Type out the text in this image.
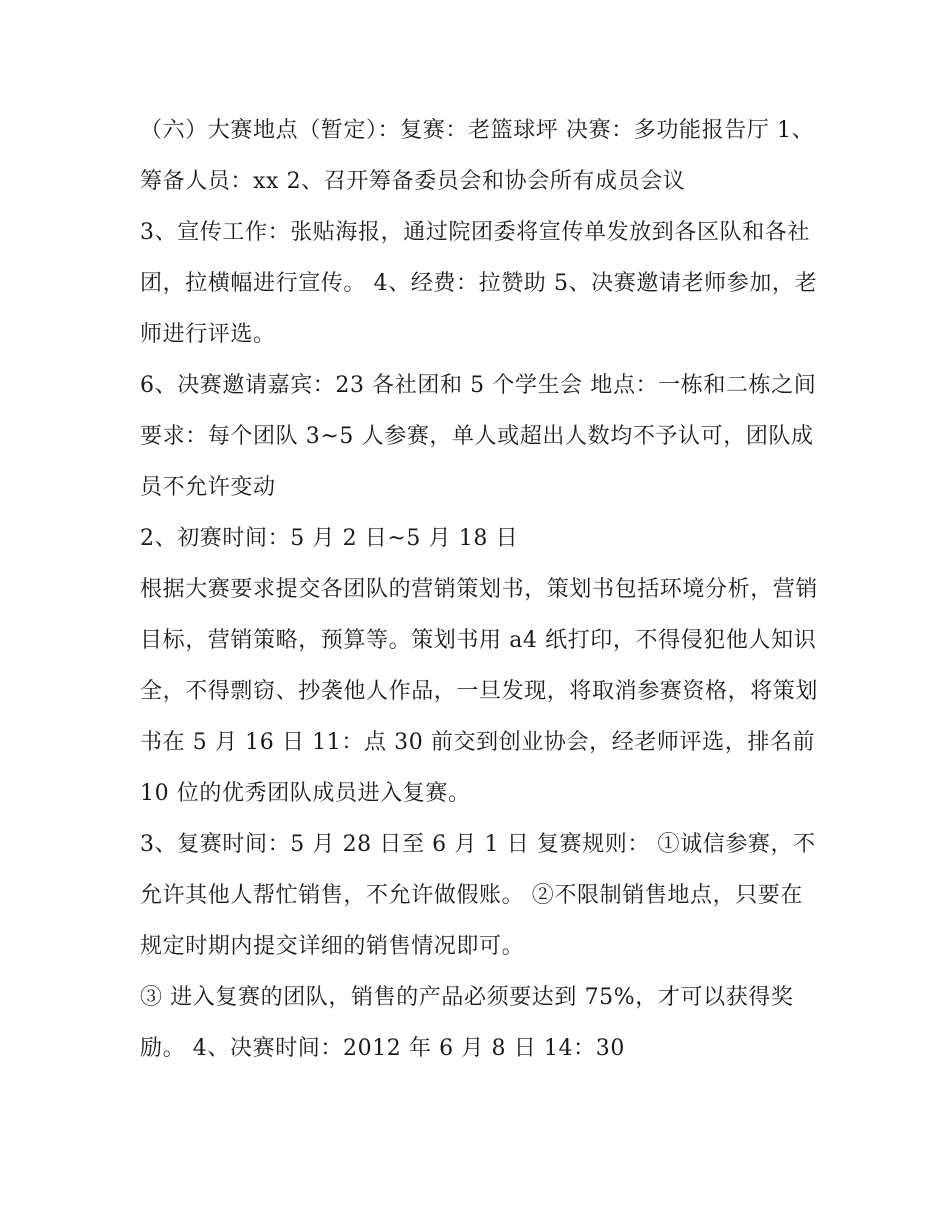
（六）大赛地点（暂定）：复赛：老篮球坪 决赛：多功能报告厅 1、筹备人员：xx 2、召开筹备委员会和协会所有成员会议

3、宣传工作：张贴海报，通过院团委将宣传单发放到各区队和各社团，拉横幅进行宣传。 4、经费：拉赞助 5、决赛邀请老师参加，老师进行评选。

6、决赛邀请嘉宾：23 各社团和 5 个学生会 地点：一栋和二栋之间 要求：每个团队 3~5 人参赛，单人或超出人数均不予认可，团队成员不允许变动

2、初赛时间：5 月 2 日~5 月 18 日

根据大赛要求提交各团队的营销策划书，策划书包括环境分析，营销目标，营销策略，预算等。策划书用 a4 纸打印，不得侵犯他人知识全，不得剽窃、抄袭他人作品，一旦发现，将取消参赛资格，将策划书在 5 月 16 日 11：点 30 前交到创业协会，经老师评选，排名前 10 位的优秀团队成员进入复赛。

3、复赛时间：5 月 28 日至 6 月 1 日 复赛规则： ①诚信参赛，不允许其他人帮忙销售，不允许做假账。 ②不限制销售地点，只要在规定时期内提交详细的销售情况即可。

③ 进入复赛的团队，销售的产品必须要达到 75%，才可以获得奖励。 4、决赛时间：2012 年 6 月 8 日 14：30
